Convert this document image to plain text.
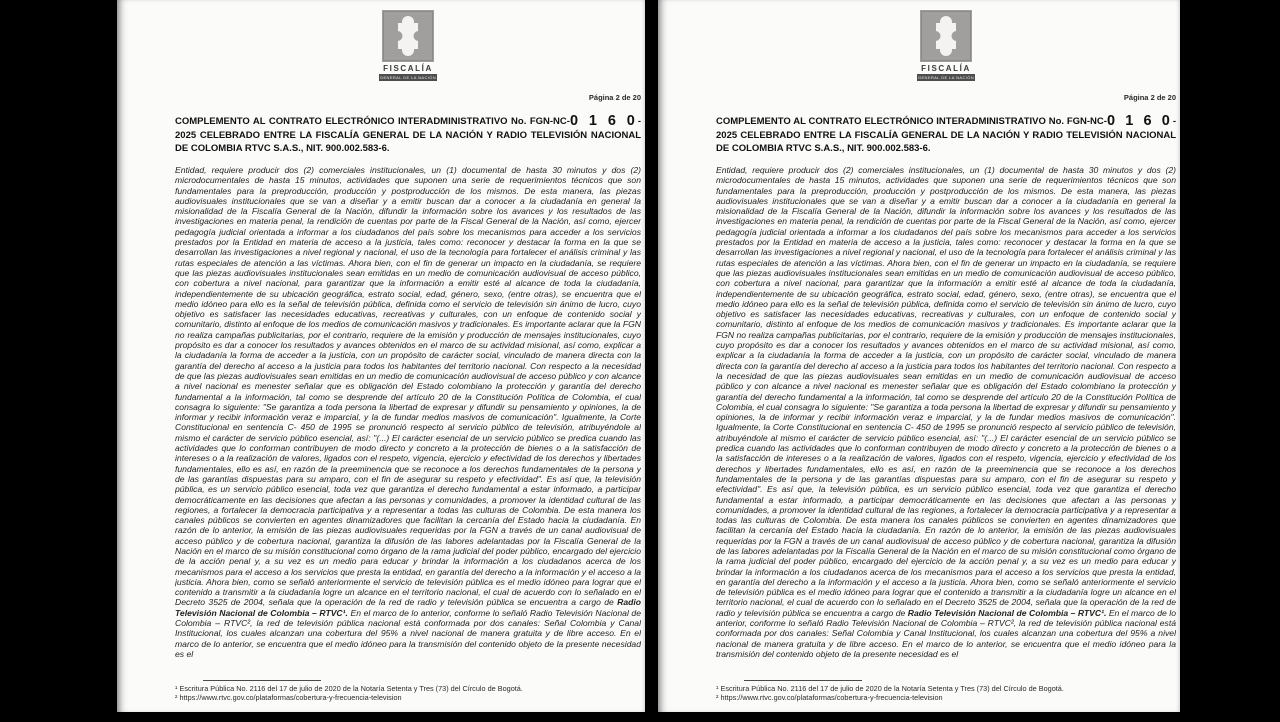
FISCALÍA
GENERAL DE LA NACIÓN
Página 2 de 20

COMPLEMENTO AL CONTRATO ELECTRÓNICO INTERADMINISTRATIVO No. FGN-NC-0 1 6 0-2025 CELEBRADO ENTRE LA FISCALÍA GENERAL DE LA NACIÓN Y RADIO TELEVISIÓN NACIONAL DE COLOMBIA RTVC S.A.S., NIT. 900.002.583-6.

Entidad, requiere producir dos (2) comerciales institucionales, un (1) documental de hasta 30 minutos y dos (2) microdocumentales de hasta 15 minutos, actividades que suponen una serie de requerimientos técnicos que son fundamentales para la preproducción, producción y postproducción de los mismos. De esta manera, las piezas audiovisuales institucionales que se van a diseñar y a emitir buscan dar a conocer a la ciudadanía en general la misionalidad de la Fiscalía General de la Nación, difundir la información sobre los avances y los resultados de las investigaciones en materia penal, la rendición de cuentas por parte de la Fiscal General de la Nación, así como, ejercer pedagogía judicial orientada a informar a los ciudadanos del país sobre los mecanismos para acceder a los servicios prestados por la Entidad en materia de acceso a la justicia, tales como: reconocer y destacar la forma en la que se desarrollan las investigaciones a nivel regional y nacional, el uso de la tecnología para fortalecer el análisis criminal y las rutas especiales de atención a las víctimas. Ahora bien, con el fin de generar un impacto en la ciudadanía, se requiere que las piezas audiovisuales institucionales sean emitidas en un medio de comunicación audiovisual de acceso público, con cobertura a nivel nacional, para garantizar que la información a emitir esté al alcance de toda la ciudadanía, independientemente de su ubicación geográfica, estrato social, edad, género, sexo, (entre otras), se encuentra que el medio idóneo para ello es la señal de televisión pública, definida como el servicio de televisión sin ánimo de lucro, cuyo objetivo es satisfacer las necesidades educativas, recreativas y culturales, con un enfoque de contenido social y comunitario, distinto al enfoque de los medios de comunicación masivos y tradicionales. Es importante aclarar que la FGN no realiza campañas publicitarias, por el contrario, requiere de la emisión y producción de mensajes institucionales, cuyo propósito es dar a conocer los resultados y avances obtenidos en el marco de su actividad misional, así como, explicar a la ciudadanía la forma de acceder a la justicia, con un propósito de carácter social, vinculado de manera directa con la garantía del derecho al acceso a la justicia para todos los habitantes del territorio nacional. Con respecto a la necesidad de que las piezas audiovisuales sean emitidas en un medio de comunicación audiovisual de acceso público y con alcance a nivel nacional es menester señalar que es obligación del Estado colombiano la protección y garantía del derecho fundamental a la información, tal como se desprende del artículo 20 de la Constitución Política de Colombia, el cual consagra lo siguiente: "Se garantiza a toda persona la libertad de expresar y difundir su pensamiento y opiniones, la de informar y recibir información veraz e imparcial, y la de fundar medios masivos de comunicación". Igualmente, la Corte Constitucional en sentencia C- 450 de 1995 se pronunció respecto al servicio público de televisión, atribuyéndole al mismo el carácter de servicio público esencial, así: "(...) El carácter esencial de un servicio público se predica cuando las actividades que lo conforman contribuyen de modo directo y concreto a la protección de bienes o a la satisfacción de intereses o a la realización de valores, ligados con el respeto, vigencia, ejercicio y efectividad de los derechos y libertades fundamentales, ello es así, en razón de la preeminencia que se reconoce a los derechos fundamentales de la persona y de las garantías dispuestas para su amparo, con el fin de asegurar su respeto y efectividad". Es así que, la televisión pública, es un servicio público esencial, toda vez que garantiza el derecho fundamental a estar informado, a participar democráticamente en las decisiones que afectan a las personas y comunidades, a promover la identidad cultural de las regiones, a fortalecer la democracia participativa y a representar a todas las culturas de Colombia. De esta manera los canales públicos se convierten en agentes dinamizadores que facilitan la cercanía del Estado hacia la ciudadanía. En razón de lo anterior, la emisión de las piezas audiovisuales requeridas por la FGN a través de un canal audiovisual de acceso público y de cobertura nacional, garantiza la difusión de las labores adelantadas por la Fiscalía General de la Nación en el marco de su misión constitucional como órgano de la rama judicial del poder público, encargado del ejercicio de la acción penal y, a su vez es un medio para educar y brindar la información a los ciudadanos acerca de los mecanismos para el acceso a los servicios que presta la entidad, en garantía del derecho a la información y el acceso a la justicia. Ahora bien, como se señaló anteriormente el servicio de televisión pública es el medio idóneo para lograr que el contenido a transmitir a la ciudadanía logre un alcance en el territorio nacional, el cual de acuerdo con lo señalado en el Decreto 3525 de 2004, señala que la operación de la red de radio y televisión pública se encuentra a cargo de Radio Televisión Nacional de Colombia – RTVC¹. En el marco de lo anterior, conforme lo señaló Radio Televisión Nacional de Colombia – RTVC², la red de televisión pública nacional está conformada por dos canales: Señal Colombia y Canal Institucional, los cuales alcanzan una cobertura del 95% a nivel nacional de manera gratuita y de libre acceso. En el marco de lo anterior, se encuentra que el medio idóneo para la transmisión del contenido objeto de la presente necesidad es el

¹ Escritura Pública No. 2116 del 17 de julio de 2020 de la Notaría Setenta y Tres (73) del Círculo de Bogotá.

² https://www.rtvc.gov.co/plataformas/cobertura-y-frecuencia-television

FISCALÍA
GENERAL DE LA NACIÓN
Página 2 de 20

COMPLEMENTO AL CONTRATO ELECTRÓNICO INTERADMINISTRATIVO No. FGN-NC-0 1 6 0-2025 CELEBRADO ENTRE LA FISCALÍA GENERAL DE LA NACIÓN Y RADIO TELEVISIÓN NACIONAL DE COLOMBIA RTVC S.A.S., NIT. 900.002.583-6.

Entidad, requiere producir dos (2) comerciales institucionales, un (1) documental de hasta 30 minutos y dos (2) microdocumentales de hasta 15 minutos, actividades que suponen una serie de requerimientos técnicos que son fundamentales para la preproducción, producción y postproducción de los mismos. De esta manera, las piezas audiovisuales institucionales que se van a diseñar y a emitir buscan dar a conocer a la ciudadanía en general la misionalidad de la Fiscalía General de la Nación, difundir la información sobre los avances y los resultados de las investigaciones en materia penal, la rendición de cuentas por parte de la Fiscal General de la Nación, así como, ejercer pedagogía judicial orientada a informar a los ciudadanos del país sobre los mecanismos para acceder a los servicios prestados por la Entidad en materia de acceso a la justicia, tales como: reconocer y destacar la forma en la que se desarrollan las investigaciones a nivel regional y nacional, el uso de la tecnología para fortalecer el análisis criminal y las rutas especiales de atención a las víctimas. Ahora bien, con el fin de generar un impacto en la ciudadanía, se requiere que las piezas audiovisuales institucionales sean emitidas en un medio de comunicación audiovisual de acceso público, con cobertura a nivel nacional, para garantizar que la información a emitir esté al alcance de toda la ciudadanía, independientemente de su ubicación geográfica, estrato social, edad, género, sexo, (entre otras), se encuentra que el medio idóneo para ello es la señal de televisión pública, definida como el servicio de televisión sin ánimo de lucro, cuyo objetivo es satisfacer las necesidades educativas, recreativas y culturales, con un enfoque de contenido social y comunitario, distinto al enfoque de los medios de comunicación masivos y tradicionales. Es importante aclarar que la FGN no realiza campañas publicitarias, por el contrario, requiere de la emisión y producción de mensajes institucionales, cuyo propósito es dar a conocer los resultados y avances obtenidos en el marco de su actividad misional, así como, explicar a la ciudadanía la forma de acceder a la justicia, con un propósito de carácter social, vinculado de manera directa con la garantía del derecho al acceso a la justicia para todos los habitantes del territorio nacional. Con respecto a la necesidad de que las piezas audiovisuales sean emitidas en un medio de comunicación audiovisual de acceso público y con alcance a nivel nacional es menester señalar que es obligación del Estado colombiano la protección y garantía del derecho fundamental a la información, tal como se desprende del artículo 20 de la Constitución Política de Colombia, el cual consagra lo siguiente: "Se garantiza a toda persona la libertad de expresar y difundir su pensamiento y opiniones, la de informar y recibir información veraz e imparcial, y la de fundar medios masivos de comunicación". Igualmente, la Corte Constitucional en sentencia C- 450 de 1995 se pronunció respecto al servicio público de televisión, atribuyéndole al mismo el carácter de servicio público esencial, así: "(...) El carácter esencial de un servicio público se predica cuando las actividades que lo conforman contribuyen de modo directo y concreto a la protección de bienes o a la satisfacción de intereses o a la realización de valores, ligados con el respeto, vigencia, ejercicio y efectividad de los derechos y libertades fundamentales, ello es así, en razón de la preeminencia que se reconoce a los derechos fundamentales de la persona y de las garantías dispuestas para su amparo, con el fin de asegurar su respeto y efectividad". Es así que, la televisión pública, es un servicio público esencial, toda vez que garantiza el derecho fundamental a estar informado, a participar democráticamente en las decisiones que afectan a las personas y comunidades, a promover la identidad cultural de las regiones, a fortalecer la democracia participativa y a representar a todas las culturas de Colombia. De esta manera los canales públicos se convierten en agentes dinamizadores que facilitan la cercanía del Estado hacia la ciudadanía. En razón de lo anterior, la emisión de las piezas audiovisuales requeridas por la FGN a través de un canal audiovisual de acceso público y de cobertura nacional, garantiza la difusión de las labores adelantadas por la Fiscalía General de la Nación en el marco de su misión constitucional como órgano de la rama judicial del poder público, encargado del ejercicio de la acción penal y, a su vez es un medio para educar y brindar la información a los ciudadanos acerca de los mecanismos para el acceso a los servicios que presta la entidad, en garantía del derecho a la información y el acceso a la justicia. Ahora bien, como se señaló anteriormente el servicio de televisión pública es el medio idóneo para lograr que el contenido a transmitir a la ciudadanía logre un alcance en el territorio nacional, el cual de acuerdo con lo señalado en el Decreto 3525 de 2004, señala que la operación de la red de radio y televisión pública se encuentra a cargo de Radio Televisión Nacional de Colombia – RTVC¹. En el marco de lo anterior, conforme lo señaló Radio Televisión Nacional de Colombia – RTVC², la red de televisión pública nacional está conformada por dos canales: Señal Colombia y Canal Institucional, los cuales alcanzan una cobertura del 95% a nivel nacional de manera gratuita y de libre acceso. En el marco de lo anterior, se encuentra que el medio idóneo para la transmisión del contenido objeto de la presente necesidad es el

¹ Escritura Pública No. 2116 del 17 de julio de 2020 de la Notaría Setenta y Tres (73) del Círculo de Bogotá.

² https://www.rtvc.gov.co/plataformas/cobertura-y-frecuencia-television
